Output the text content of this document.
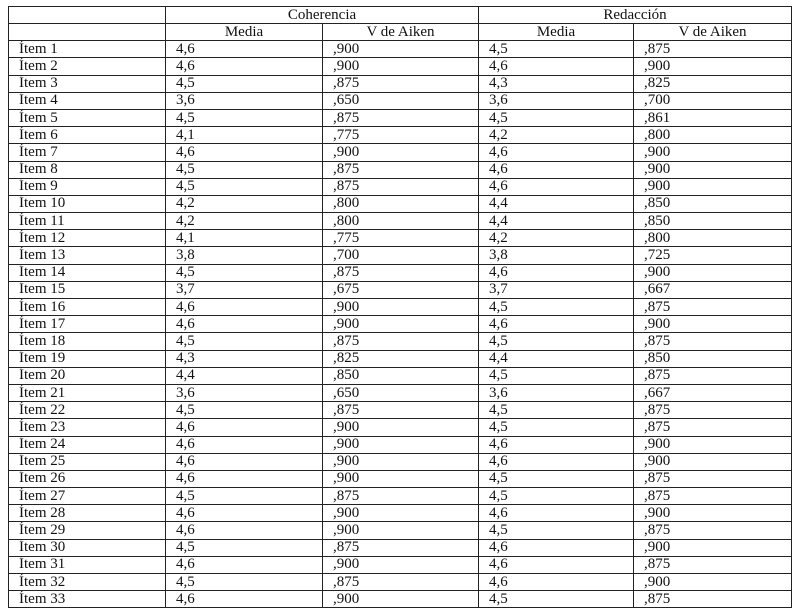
	Coherencia		Redacción	
	Media	V de Aiken	Media	V de Aiken
Ítem 1	4,6	,900	4,5	,875
Ítem 2	4,6	,900	4,6	,900
Ítem 3	4,5	,875	4,3	,825
Ítem 4	3,6	,650	3,6	,700
Ítem 5	4,5	,875	4,5	,861
Ítem 6	4,1	,775	4,2	,800
Ítem 7	4,6	,900	4,6	,900
Ítem 8	4,5	,875	4,6	,900
Ítem 9	4,5	,875	4,6	,900
Ítem 10	4,2	,800	4,4	,850
Ítem 11	4,2	,800	4,4	,850
Ítem 12	4,1	,775	4,2	,800
Ítem 13	3,8	,700	3,8	,725
Ítem 14	4,5	,875	4,6	,900
Ítem 15	3,7	,675	3,7	,667
Ítem 16	4,6	,900	4,5	,875
Ítem 17	4,6	,900	4,6	,900
Ítem 18	4,5	,875	4,5	,875
Ítem 19	4,3	,825	4,4	,850
Ítem 20	4,4	,850	4,5	,875
Ítem 21	3,6	,650	3,6	,667
Ítem 22	4,5	,875	4,5	,875
Ítem 23	4,6	,900	4,5	,875
Ítem 24	4,6	,900	4,6	,900
Ítem 25	4,6	,900	4,6	,900
Ítem 26	4,6	,900	4,5	,875
Ítem 27	4,5	,875	4,5	,875
Ítem 28	4,6	,900	4,6	,900
Ítem 29	4,6	,900	4,5	,875
Ítem 30	4,5	,875	4,6	,900
Ítem 31	4,6	,900	4,6	,875
Ítem 32	4,5	,875	4,6	,900
Ítem 33	4,6	,900	4,5	,875
